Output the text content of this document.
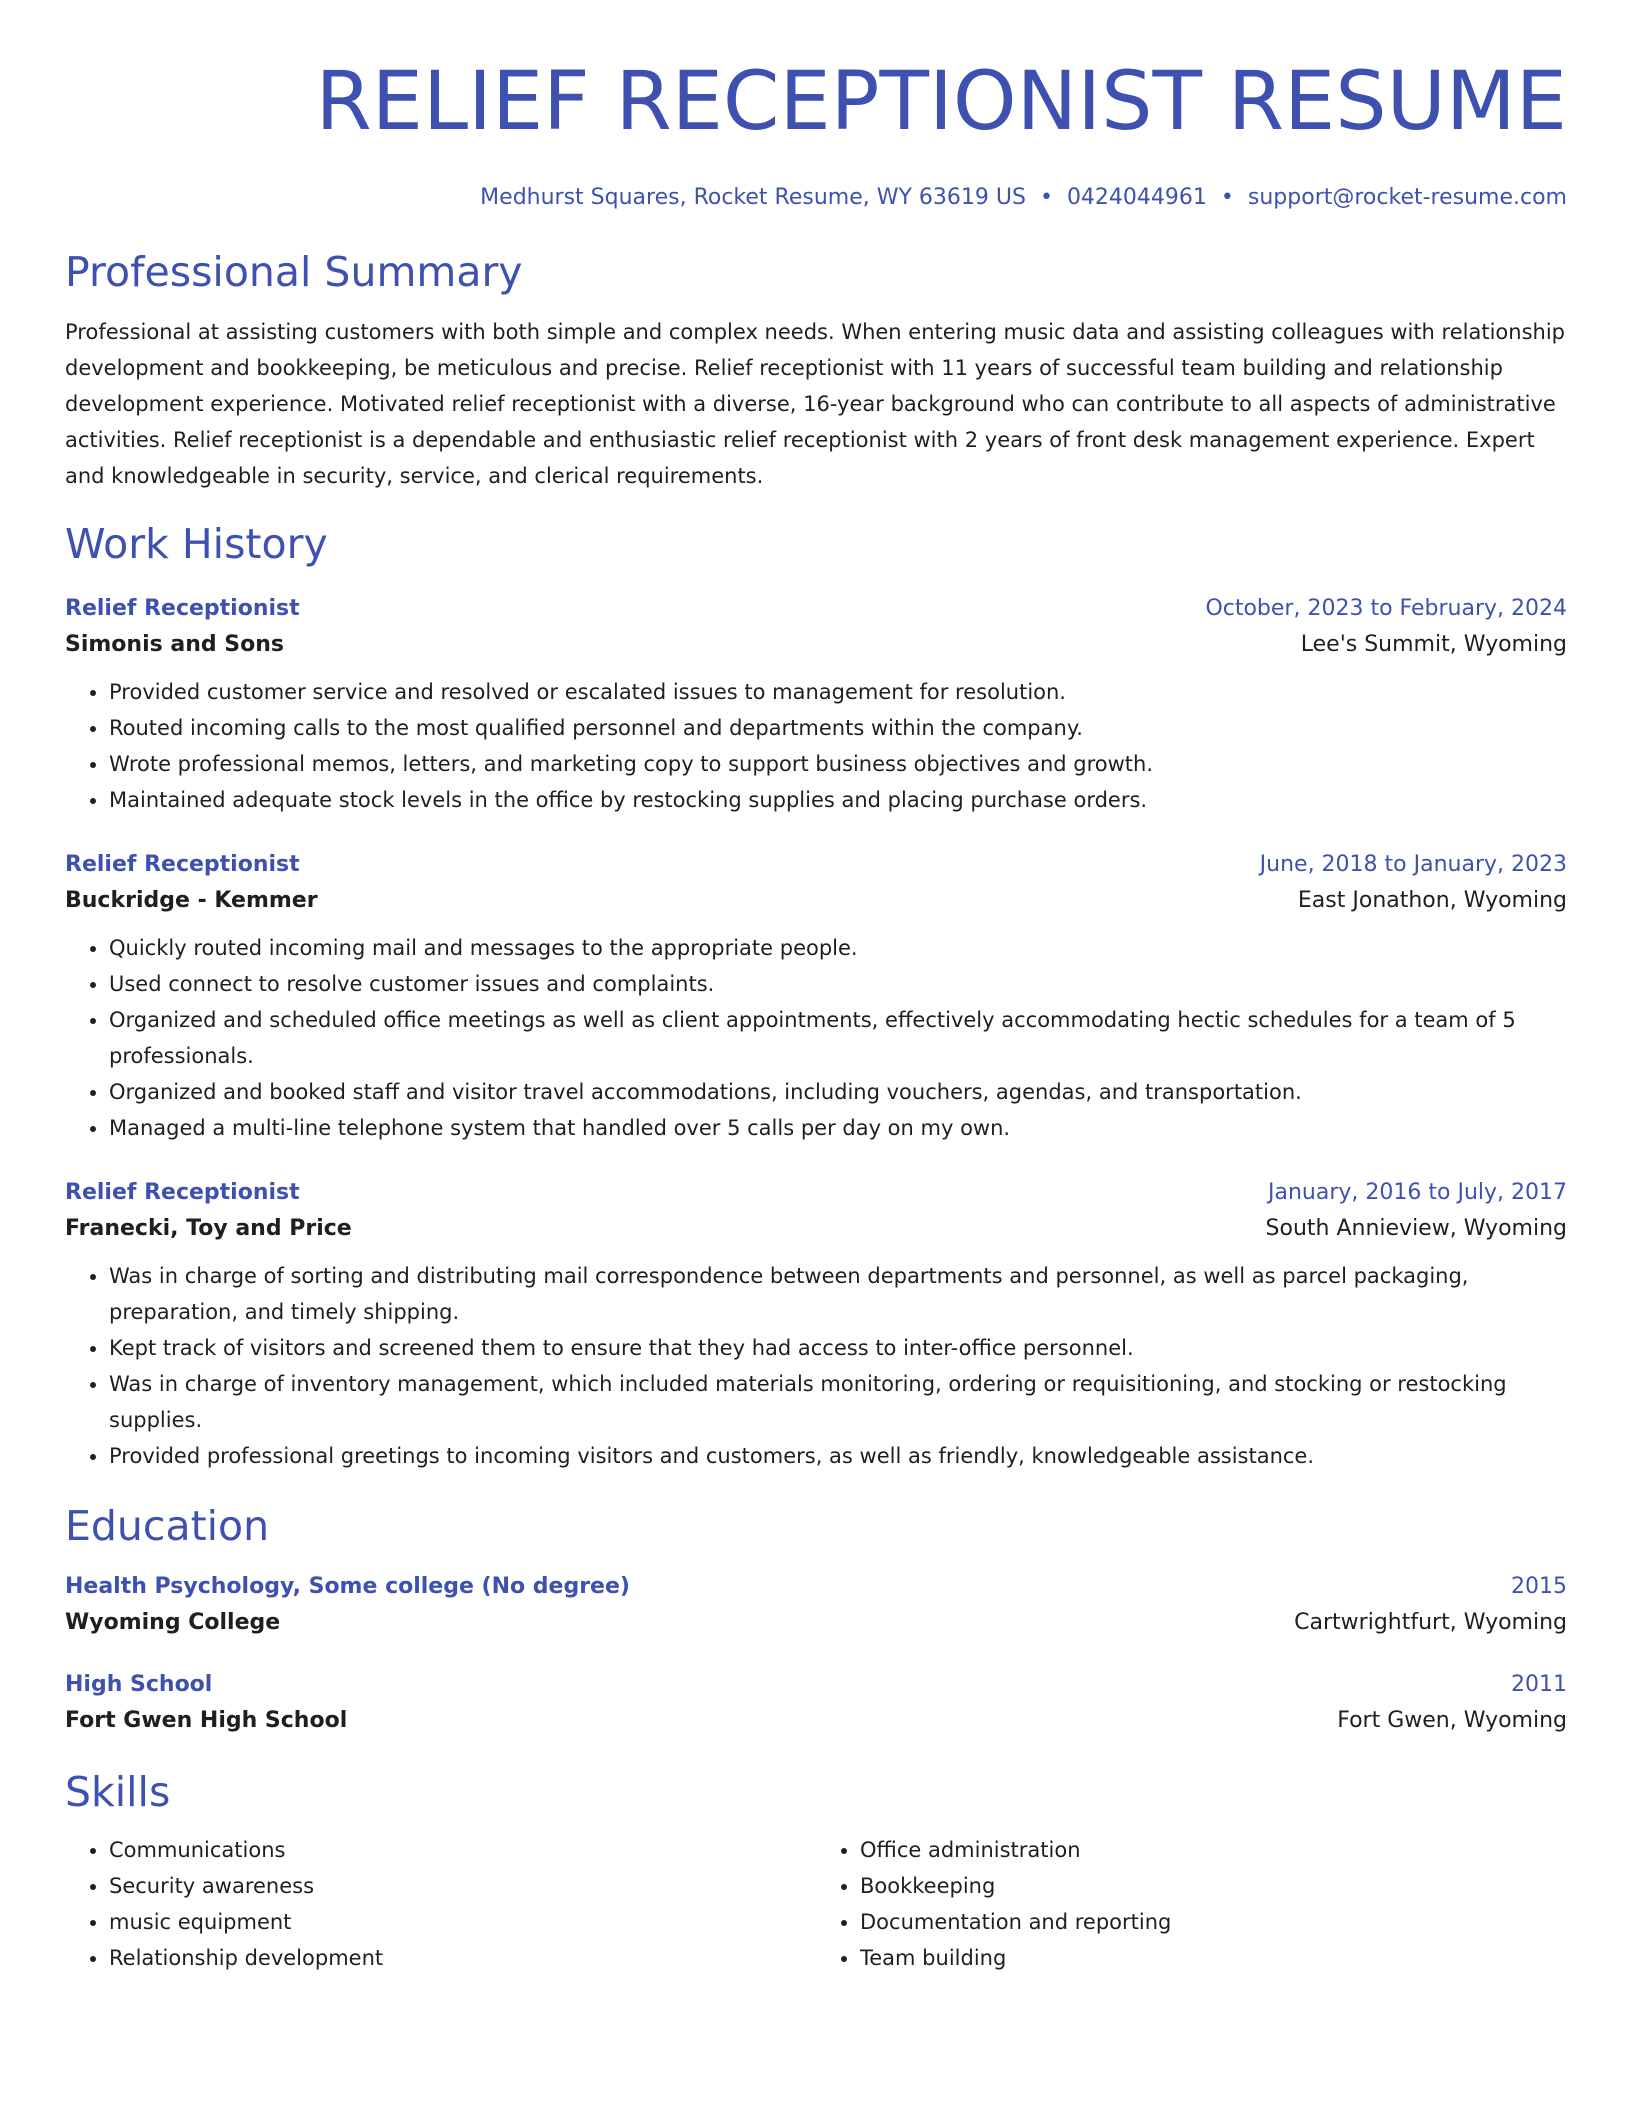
RELIEF RECEPTIONIST RESUME
Medhurst Squares, Rocket Resume, WY 63619 US • 0424044961 • support@rocket-resume.com
Professional Summary
Professional at assisting customers with both simple and complex needs. When entering music data and assisting colleagues with relationship development and bookkeeping, be meticulous and precise. Relief receptionist with 11 years of successful team building and relationship development experience. Motivated relief receptionist with a diverse, 16-year background who can contribute to all aspects of administrative activities. Relief receptionist is a dependable and enthusiastic relief receptionist with 2 years of front desk management experience. Expert and knowledgeable in security, service, and clerical requirements.
Work History
Relief Receptionist	October, 2023 to February, 2024
Simonis and Sons	Lee's Summit, Wyoming
• Provided customer service and resolved or escalated issues to management for resolution.
• Routed incoming calls to the most qualified personnel and departments within the company.
• Wrote professional memos, letters, and marketing copy to support business objectives and growth.
• Maintained adequate stock levels in the office by restocking supplies and placing purchase orders.
Relief Receptionist	June, 2018 to January, 2023
Buckridge - Kemmer	East Jonathon, Wyoming
• Quickly routed incoming mail and messages to the appropriate people.
• Used connect to resolve customer issues and complaints.
• Organized and scheduled office meetings as well as client appointments, effectively accommodating hectic schedules for a team of 5 professionals.
• Organized and booked staff and visitor travel accommodations, including vouchers, agendas, and transportation.
• Managed a multi-line telephone system that handled over 5 calls per day on my own.
Relief Receptionist	January, 2016 to July, 2017
Franecki, Toy and Price	South Annieview, Wyoming
• Was in charge of sorting and distributing mail correspondence between departments and personnel, as well as parcel packaging, preparation, and timely shipping.
• Kept track of visitors and screened them to ensure that they had access to inter-office personnel.
• Was in charge of inventory management, which included materials monitoring, ordering or requisitioning, and stocking or restocking supplies.
• Provided professional greetings to incoming visitors and customers, as well as friendly, knowledgeable assistance.
Education
Health Psychology, Some college (No degree)	2015
Wyoming College	Cartwrightfurt, Wyoming
High School	2011
Fort Gwen High School	Fort Gwen, Wyoming
Skills
• Communications
• Security awareness
• music equipment
• Relationship development
• Office administration
• Bookkeeping
• Documentation and reporting
• Team building
